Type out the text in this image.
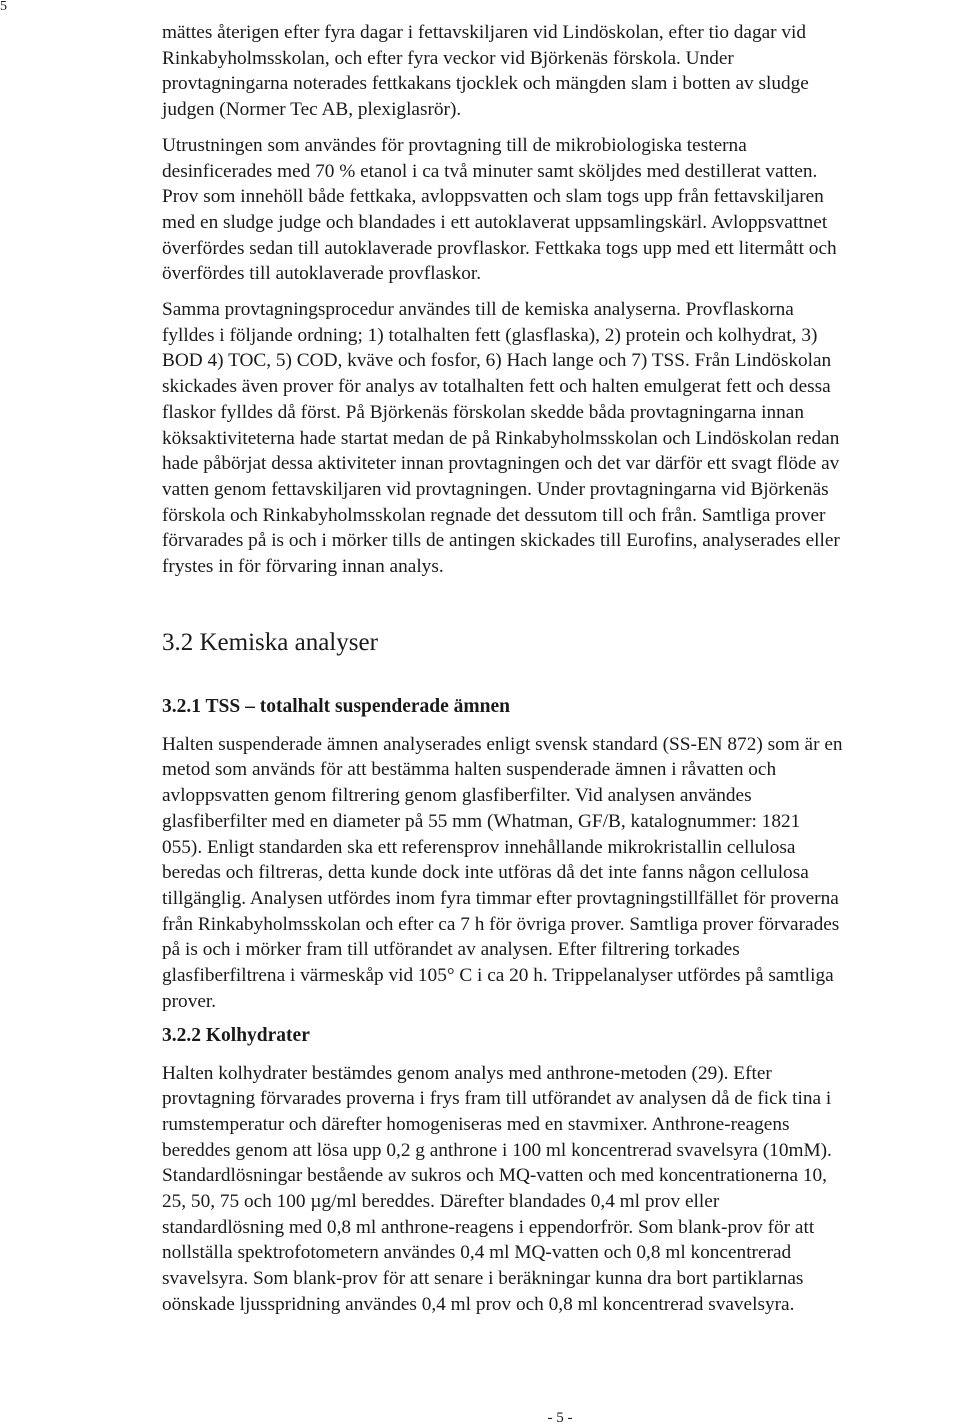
5

mättes återigen efter fyra dagar i fettavskiljaren vid Lindöskolan, efter tio dagar vid
Rinkabyholmsskolan, och efter fyra veckor vid Björkenäs förskola. Under
provtagningarna noterades fettkakans tjocklek och mängden slam i botten av sludge
judgen (Normer Tec AB, plexiglasrör).

Utrustningen som användes för provtagning till de mikrobiologiska testerna
desinficerades med 70 % etanol i ca två minuter samt sköljdes med destillerat vatten.
Prov som innehöll både fettkaka, avloppsvatten och slam togs upp från fettavskiljaren
med en sludge judge och blandades i ett autoklaverat uppsamlingskärl. Avloppsvattnet
överfördes sedan till autoklaverade provflaskor. Fettkaka togs upp med ett litermått och
överfördes till autoklaverade provflaskor.

Samma provtagningsprocedur användes till de kemiska analyserna. Provflaskorna
fylldes i följande ordning; 1) totalhalten fett (glasflaska), 2) protein och kolhydrat, 3)
BOD 4) TOC, 5) COD, kväve och fosfor, 6) Hach lange och 7) TSS. Från Lindöskolan
skickades även prover för analys av totalhalten fett och halten emulgerat fett och dessa
flaskor fylldes då först. På Björkenäs förskolan skedde båda provtagningarna innan
köksaktiviteterna hade startat medan de på Rinkabyholmsskolan och Lindöskolan redan
hade påbörjat dessa aktiviteter innan provtagningen och det var därför ett svagt flöde av
vatten genom fettavskiljaren vid provtagningen. Under provtagningarna vid Björkenäs
förskola och Rinkabyholmsskolan regnade det dessutom till och från. Samtliga prover
förvarades på is och i mörker tills de antingen skickades till Eurofins, analyserades eller
frystes in för förvaring innan analys.

3.2 Kemiska analyser
3.2.1 TSS – totalhalt suspenderade ämnen

Halten suspenderade ämnen analyserades enligt svensk standard (SS-EN 872) som är en
metod som används för att bestämma halten suspenderade ämnen i råvatten och
avloppsvatten genom filtrering genom glasfiberfilter. Vid analysen användes
glasfiberfilter med en diameter på 55 mm (Whatman, GF/B, katalognummer: 1821
055). Enligt standarden ska ett referensprov innehållande mikrokristallin cellulosa
beredas och filtreras, detta kunde dock inte utföras då det inte fanns någon cellulosa
tillgänglig. Analysen utfördes inom fyra timmar efter provtagningstillfället för proverna
från Rinkabyholmsskolan och efter ca 7 h för övriga prover. Samtliga prover förvarades
på is och i mörker fram till utförandet av analysen. Efter filtrering torkades
glasfiberfiltrena i värmeskåp vid 105° C i ca 20 h. Trippelanalyser utfördes på samtliga
prover.

3.2.2 Kolhydrater

Halten kolhydrater bestämdes genom analys med anthrone-metoden (29). Efter
provtagning förvarades proverna i frys fram till utförandet av analysen då de fick tina i
rumstemperatur och därefter homogeniseras med en stavmixer. Anthrone-reagens
bereddes genom att lösa upp 0,2 g anthrone i 100 ml koncentrerad svavelsyra (10mM).
Standardlösningar bestående av sukros och MQ-vatten och med koncentrationerna 10,
25, 50, 75 och 100 µg/ml bereddes. Därefter blandades 0,4 ml prov eller
standardlösning med 0,8 ml anthrone-reagens i eppendorfrör. Som blank-prov för att
nollställa spektrofotometern användes 0,4 ml MQ-vatten och 0,8 ml koncentrerad
svavelsyra. Som blank-prov för att senare i beräkningar kunna dra bort partiklarnas
oönskade ljusspridning användes 0,4 ml prov och 0,8 ml koncentrerad svavelsyra.

- 5 -
